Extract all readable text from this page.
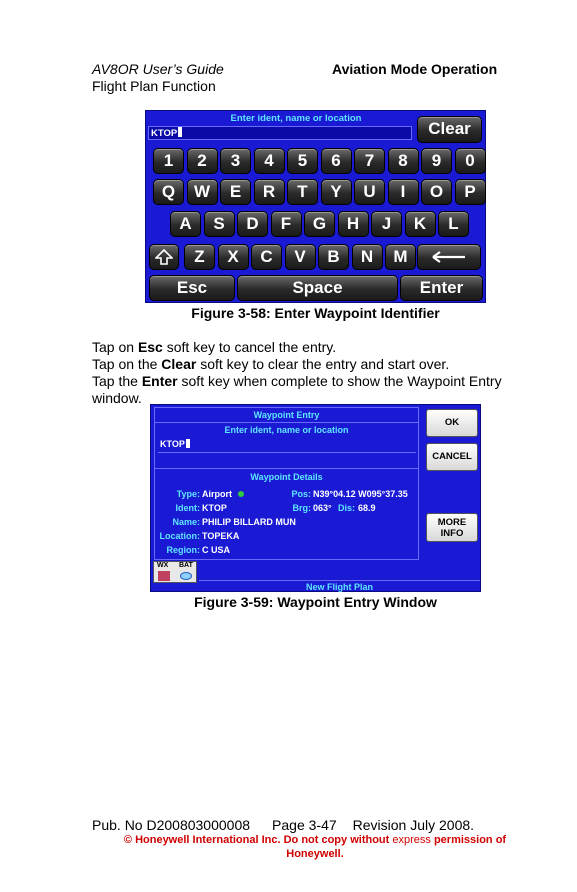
AV8OR User’s Guide
Flight Plan Function
Aviation Mode Operation
Enter ident, name or location
KTOP	Clear
1	2	3	4	5	6	7	8	9	0
Q	W	E	R	T	Y	U	I	O	P
A	S	D	F	G	H	J	K	L
Z	X	C	V	B	N	M
Esc	Space	Enter
Figure 3-58: Enter Waypoint Identifier
Tap on Esc soft key to cancel the entry.
Tap on the Clear soft key to clear the entry and start over.
Tap the Enter soft key when complete to show the Waypoint Entry window.
Waypoint Entry
Enter ident, name or location
KTOP
Waypoint Details
Type: Airport	Pos: N39°04.12 W095°37.35
Ident: KTOP	Brg: 063° Dis: 68.9
Name: PHILIP BILLARD MUN
Location: TOPEKA
Region: C USA
OK
CANCEL
MORE
INFO
WX BAT
New Flight Plan
Figure 3-59: Waypoint Entry Window
Pub. No D200803000008 Page 3-47 Revision July 2008.
© Honeywell International Inc. Do not copy without express permission of Honeywell.
